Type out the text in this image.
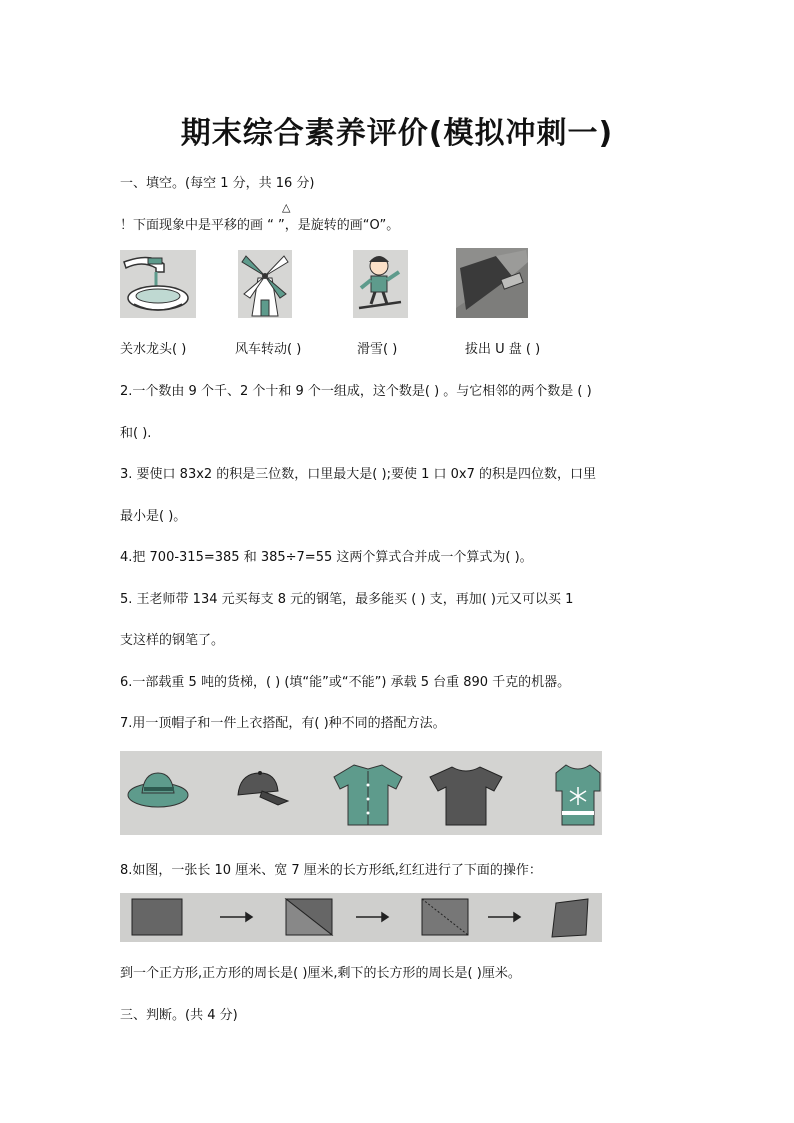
期末综合素养评价(模拟冲刺一)
一、填空。(每空 1 分，共 16 分)
△
！下面现象中是平移的画 “ ”，是旋转的画“O”。
关水龙头( )	风车转动( )	滑雪( )	拔出 U 盘 ( )
2.一个数由 9 个千、2 个十和 9 个一组成，这个数是( ) 。与它相邻的两个数是 ( )
和( ).
3. 要使口 83x2 的积是三位数，口里最大是( );要使 1 口 0x7 的积是四位数，口里
最小是( )。
4.把 700-315=385 和 385÷7=55 这两个算式合并成一个算式为( )。
5. 王老师带 134 元买每支 8 元的钢笔，最多能买 ( ) 支，再加( )元又可以买 1
支这样的钢笔了。
6.一部载重 5 吨的货梯，( ) (填“能”或“不能”) 承载 5 台重 890 千克的机器。
7.用一顶帽子和一件上衣搭配，有( )种不同的搭配方法。
8.如图，一张长 10 厘米、宽 7 厘米的长方形纸,红红进行了下面的操作：
到一个正方形,正方形的周长是( )厘米,剩下的长方形的周长是( )厘米。
三、判断。(共 4 分)
